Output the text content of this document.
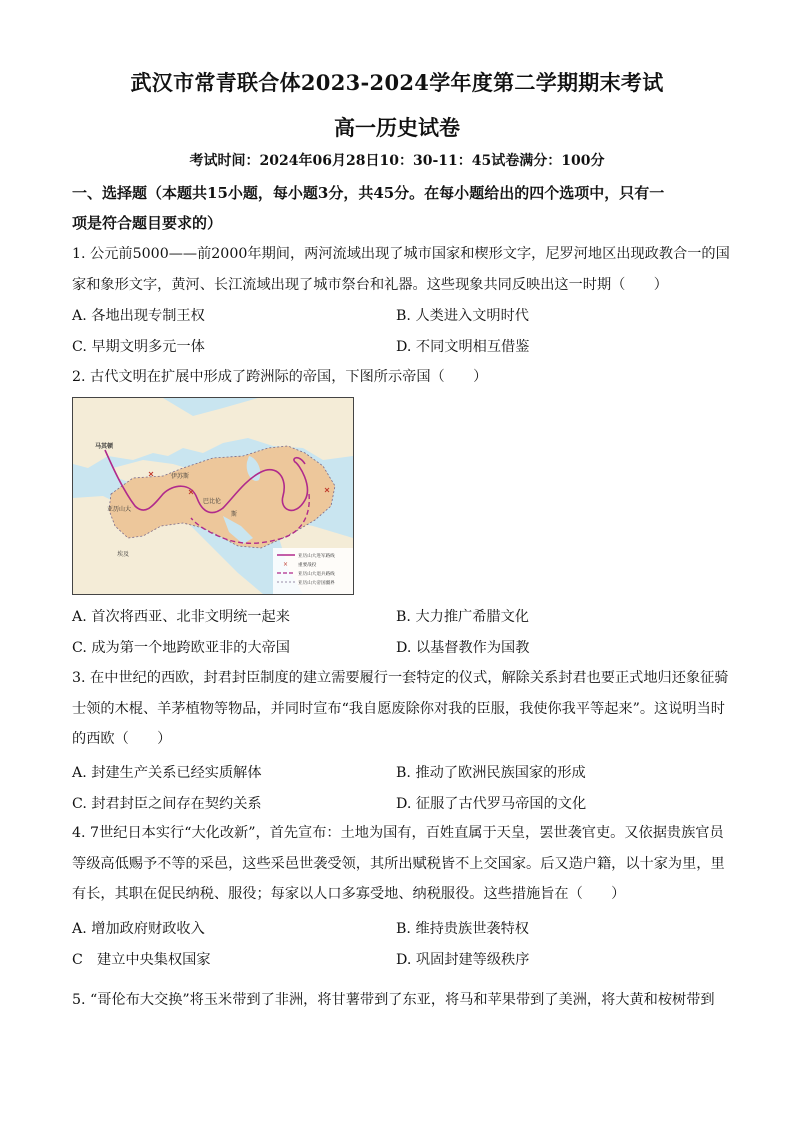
武汉市常青联合体2023-2024学年度第二学期期末考试
高一历史试卷
考试时间：2024年06月28日10：30-11：45试卷满分：100分
一、选择题（本题共15小题，每小题3分，共45分。在每小题给出的四个选项中，只有一
项是符合题目要求的）
1. 公元前5000——前2000年期间，两河流域出现了城市国家和楔形文字，尼罗河地区出现政教合一的国
家和象形文字，黄河、长江流域出现了城市祭台和礼器。这些现象共同反映出这一时期（　　）
A. 各地出现专制王权	B. 人类进入文明时代
C. 早期文明多元一体	D. 不同文明相互借鉴
2. 古代文明在扩展中形成了跨洲际的帝国，下图所示帝国（　　）
马其顿
伊苏斯
巴比伦
亚历山大
埃及
斯
亚历山大进军路线
× 重要战役
亚历山大退兵路线
亚历山大帝国疆界
A. 首次将西亚、北非文明统一起来	B. 大力推广希腊文化
C. 成为第一个地跨欧亚非的大帝国	D. 以基督教作为国教
3. 在中世纪的西欧，封君封臣制度的建立需要履行一套特定的仪式，解除关系封君也要正式地归还象征骑
士领的木棍、羊茅植物等物品，并同时宣布“我自愿废除你对我的臣服，我使你我平等起来”。这说明当时
的西欧（　　）
A. 封建生产关系已经实质解体	B. 推动了欧洲民族国家的形成
C. 封君封臣之间存在契约关系	D. 征服了古代罗马帝国的文化
4. 7世纪日本实行“大化改新”，首先宣布：土地为国有，百姓直属于天皇，罢世袭官吏。又依据贵族官员
等级高低赐予不等的采邑，这些采邑世袭受领，其所出赋税皆不上交国家。后又造户籍，以十家为里，里
有长，其职在促民纳税、服役；每家以人口多寡受地、纳税服役。这些措施旨在（　　）
A. 增加政府财政收入	B. 维持贵族世袭特权
C　建立中央集权国家	D. 巩固封建等级秩序
5. “哥伦布大交换”将玉米带到了非洲，将甘薯带到了东亚，将马和苹果带到了美洲，将大黄和桉树带到
